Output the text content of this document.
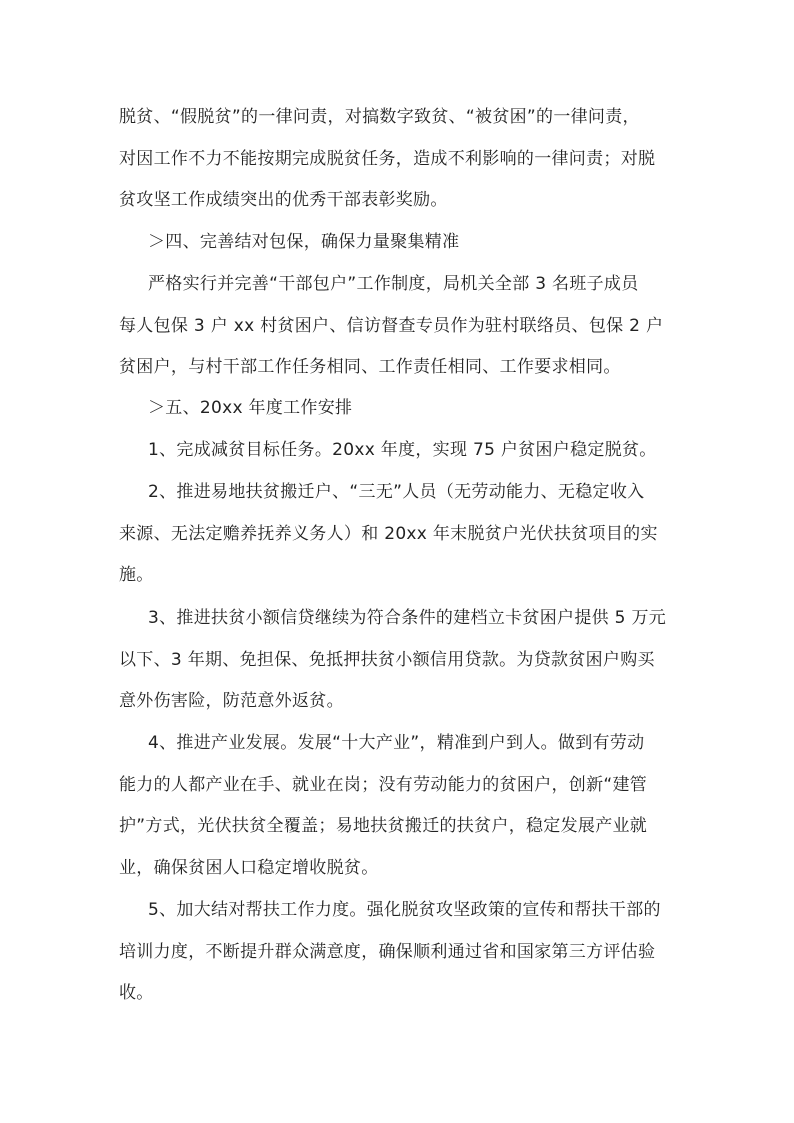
脱贫、“假脱贫”的一律问责，对搞数字致贫、“被贫困”的一律问责，
对因工作不力不能按期完成脱贫任务，造成不利影响的一律问责；对脱
贫攻坚工作成绩突出的优秀干部表彰奖励。
＞四、完善结对包保，确保力量聚集精准
严格实行并完善“干部包户”工作制度，局机关全部 3 名班子成员
每人包保 3 户 xx 村贫困户、信访督查专员作为驻村联络员、包保 2 户
贫困户，与村干部工作任务相同、工作责任相同、工作要求相同。
＞五、20xx 年度工作安排
1、完成减贫目标任务。20xx 年度，实现 75 户贫困户稳定脱贫。
2、推进易地扶贫搬迁户、“三无”人员（无劳动能力、无稳定收入
来源、无法定赡养抚养义务人）和 20xx 年末脱贫户光伏扶贫项目的实
施。
3、推进扶贫小额信贷继续为符合条件的建档立卡贫困户提供 5 万元
以下、3 年期、免担保、免抵押扶贫小额信用贷款。为贷款贫困户购买
意外伤害险，防范意外返贫。
4、推进产业发展。发展“十大产业”，精准到户到人。做到有劳动
能力的人都产业在手、就业在岗；没有劳动能力的贫困户，创新“建管
护”方式，光伏扶贫全覆盖；易地扶贫搬迁的扶贫户，稳定发展产业就
业，确保贫困人口稳定增收脱贫。
5、加大结对帮扶工作力度。强化脱贫攻坚政策的宣传和帮扶干部的
培训力度，不断提升群众满意度，确保顺利通过省和国家第三方评估验
收。
